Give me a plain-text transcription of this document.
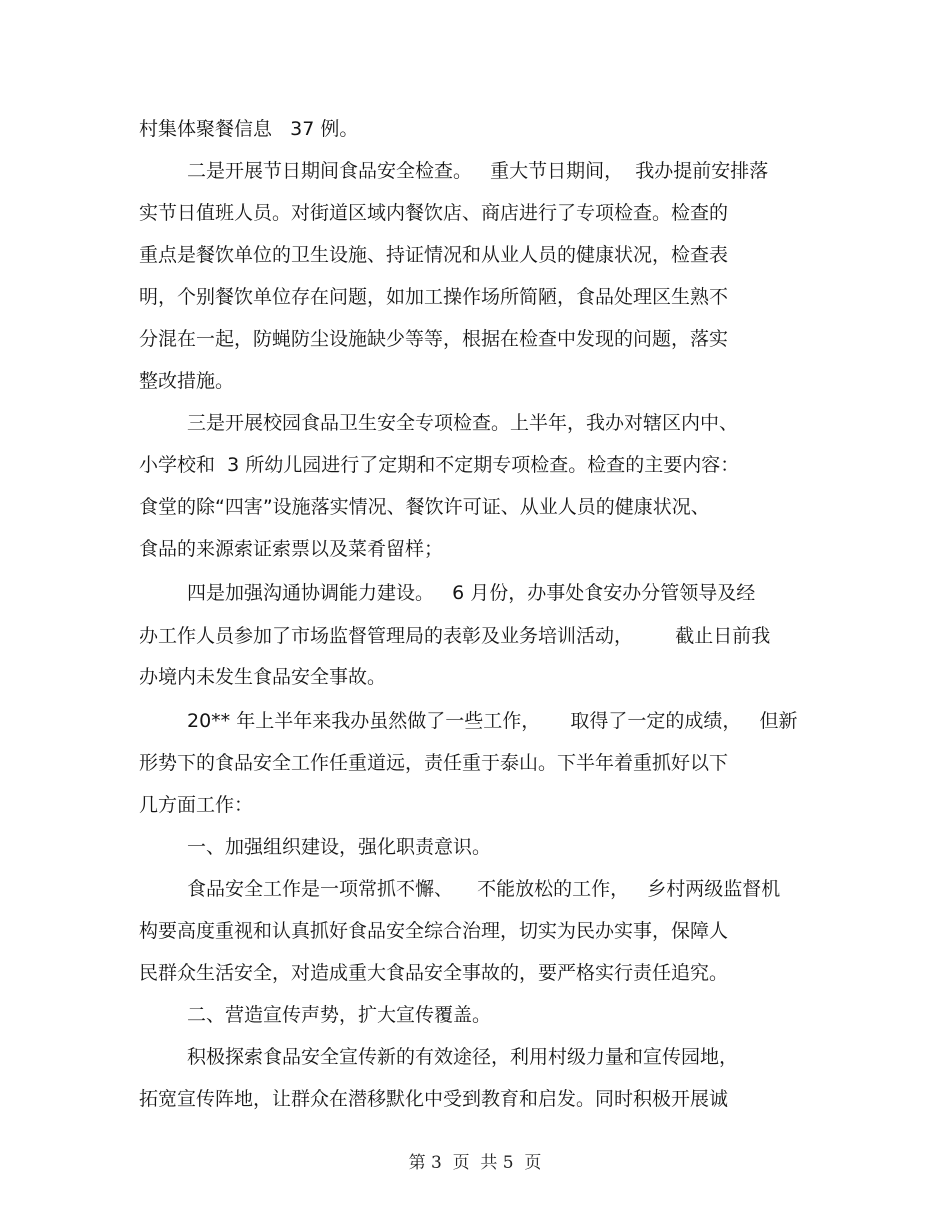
村集体聚餐信息   37 例。
二是开展节日期间食品安全检查。   重大节日期间，  我办提前安排落
实节日值班人员。对街道区域内餐饮店、商店进行了专项检查。检查的
重点是餐饮单位的卫生设施、持证情况和从业人员的健康状况，检查表
明，个别餐饮单位存在问题，如加工操作场所简陋，食品处理区生熟不
分混在一起，防蝇防尘设施缺少等等，根据在检查中发现的问题，落实
整改措施。
三是开展校园食品卫生安全专项检查。上半年，我办对辖区内中、
小学校和  3 所幼儿园进行了定期和不定期专项检查。检查的主要内容：
食堂的除“四害”设施落实情况、餐饮许可证、从业人员的健康状况、
食品的来源索证索票以及菜肴留样；
四是加强沟通协调能力建设。   6 月份，办事处食安办分管领导及经
办工作人员参加了市场监督管理局的表彰及业务培训活动，       截止日前我
办境内未发生食品安全事故。
20** 年上半年来我办虽然做了一些工作，     取得了一定的成绩，   但新
形势下的食品安全工作任重道远，责任重于泰山。下半年着重抓好以下
几方面工作：
一、加强组织建设，强化职责意识。
食品安全工作是一项常抓不懈、    不能放松的工作，   乡村两级监督机
构要高度重视和认真抓好食品安全综合治理，切实为民办实事，保障人
民群众生活安全，对造成重大食品安全事故的，要严格实行责任追究。
二、营造宣传声势，扩大宣传覆盖。
积极探索食品安全宣传新的有效途径，利用村级力量和宣传园地，
拓宽宣传阵地，让群众在潜移默化中受到教育和启发。同时积极开展诚
第 3  页  共 5  页
